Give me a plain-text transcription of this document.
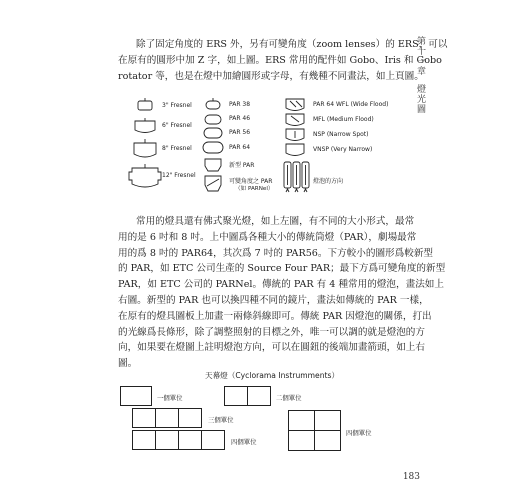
第十一章燈光圖
除了固定角度的 ERS 外，另有可變角度（zoom lenses）的 ERS，可以
在原有的圓形中加 Z 字，如上圖。ERS 常用的配件如 Gobo、Iris 和 Gobo
rotator 等，也是在燈中加繪圓形或字母，有幾種不同畫法，如上頁圖。
3" Fresnel
6" Fresnel
8" Fresnel
12" Fresnel
PAR 38
PAR 46
PAR 56
PAR 64
新型 PAR
可變角度之 PAR
（如 PARNel）
PAR 64 WFL (Wide Flood)
MFL (Medium Flood)
NSP (Narrow Spot)
VNSP (Very Narrow)
燈泡的方向
常用的燈具還有佛式聚光燈，如上左圖，有不同的大小形式，最常
用的是 6 吋和 8 吋。上中圖爲各種大小的傳統筒燈（PAR），劇場最常
用的爲 8 吋的 PAR64，其次爲 7 吋的 PAR56。下方較小的圖形爲較新型
的 PAR，如 ETC 公司生產的 Source Four PAR；最下方爲可變角度的新型
PAR，如 ETC 公司的 PARNel。傳統的 PAR 有 4 種常用的燈泡，畫法如上
右圖。新型的 PAR 也可以換四種不同的鏡片，畫法如傳統的 PAR 一樣，
在原有的燈具圖板上加畫一兩條斜線即可。傳統 PAR 因燈泡的關係，打出
的光線爲長條形，除了調整照射的目標之外，唯一可以調的就是燈泡的方
向，如果要在燈圖上註明燈泡方向，可以在圓鈕的後端加畫箭頭，如上右
圖。
天幕燈（Cyclorama Instrumments）
一個單位	二個單位
三個單位
四個單位
四個單位
183
